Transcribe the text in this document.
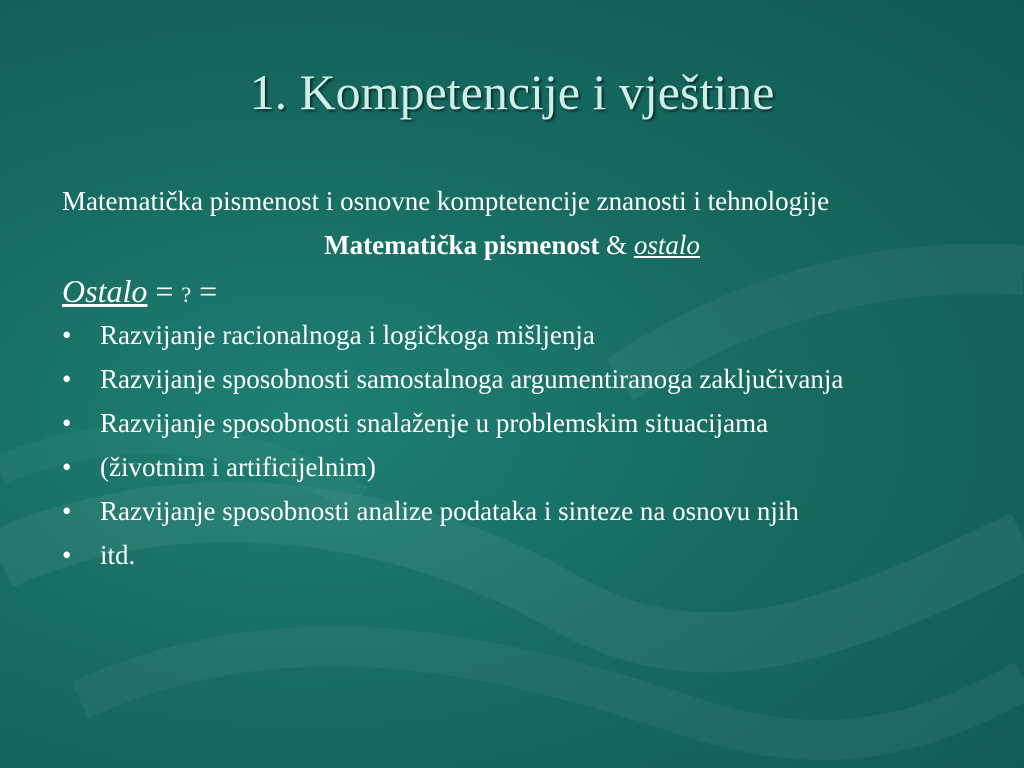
1. Kompetencije i vještine

Matematička pismenost i osnovne komptetencije znanosti i tehnologije

Matematička pismenost & ostalo

Ostalo = ? =

•	Razvijanje racionalnoga i logičkoga mišljenja
•	Razvijanje sposobnosti samostalnoga argumentiranoga zaključivanja
•	Razvijanje sposobnosti snalaženje u problemskim situacijama
•	(životnim i artificijelnim)
•	Razvijanje sposobnosti analize podataka i sinteze na osnovu njih
•	itd.
